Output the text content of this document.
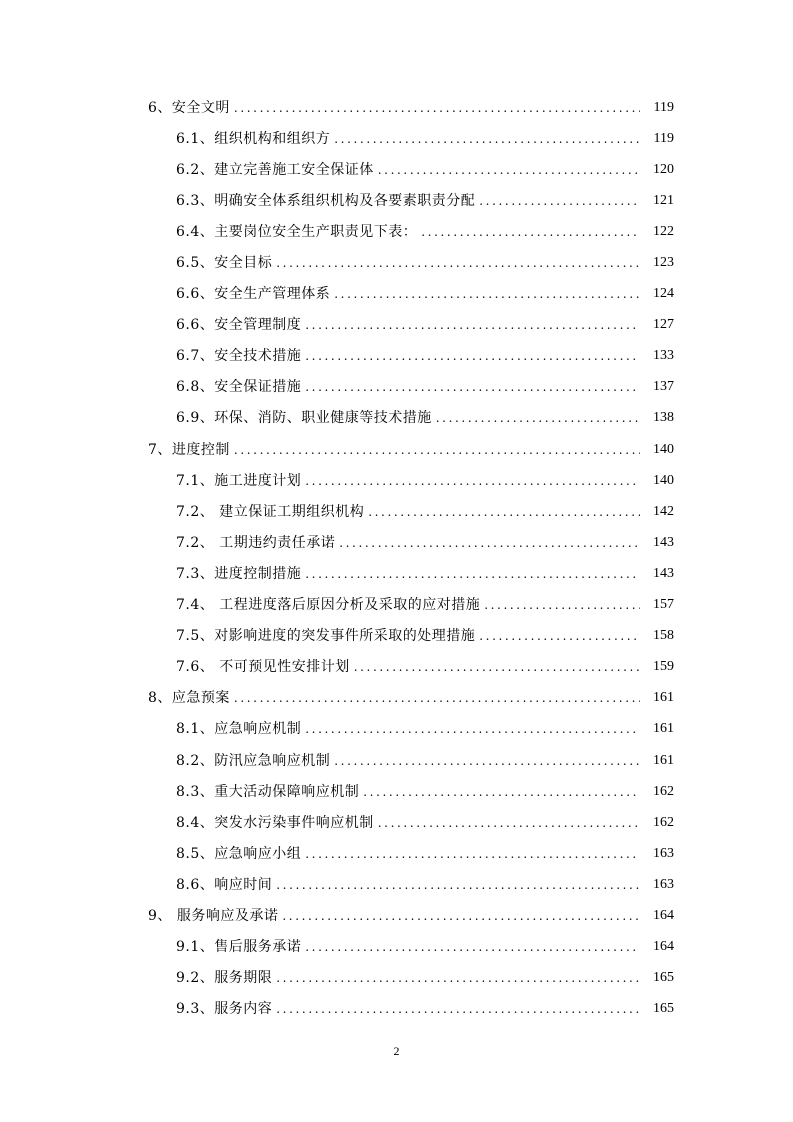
6、安全文明 .....	119
6.1、组织机构和组织方 .....	119
6.2、建立完善施工安全保证体 .....	120
6.3、明确安全体系组织机构及各要素职责分配 .....	121
6.4、主要岗位安全生产职责见下表： .....	122
6.5、安全目标 .....	123
6.6、安全生产管理体系 .....	124
6.6、安全管理制度 .....	127
6.7、安全技术措施 .....	133
6.8、安全保证措施 .....	137
6.9、环保、消防、职业健康等技术措施 .....	138
7、进度控制 .....	140
7.1、施工进度计划 .....	140
7.2、 建立保证工期组织机构 .....	142
7.2、 工期违约责任承诺 .....	143
7.3、进度控制措施 .....	143
7.4、 工程进度落后原因分析及采取的应对措施 .....	157
7.5、对影响进度的突发事件所采取的处理措施 .....	158
7.6、 不可预见性安排计划 .....	159
8、应急预案 .....	161
8.1、应急响应机制 .....	161
8.2、防汛应急响应机制 .....	161
8.3、重大活动保障响应机制 .....	162
8.4、突发水污染事件响应机制 .....	162
8.5、应急响应小组 .....	163
8.6、响应时间 .....	163
9、 服务响应及承诺 .....	164
9.1、售后服务承诺 .....	164
9.2、服务期限 .....	165
9.3、服务内容 .....	165
2
